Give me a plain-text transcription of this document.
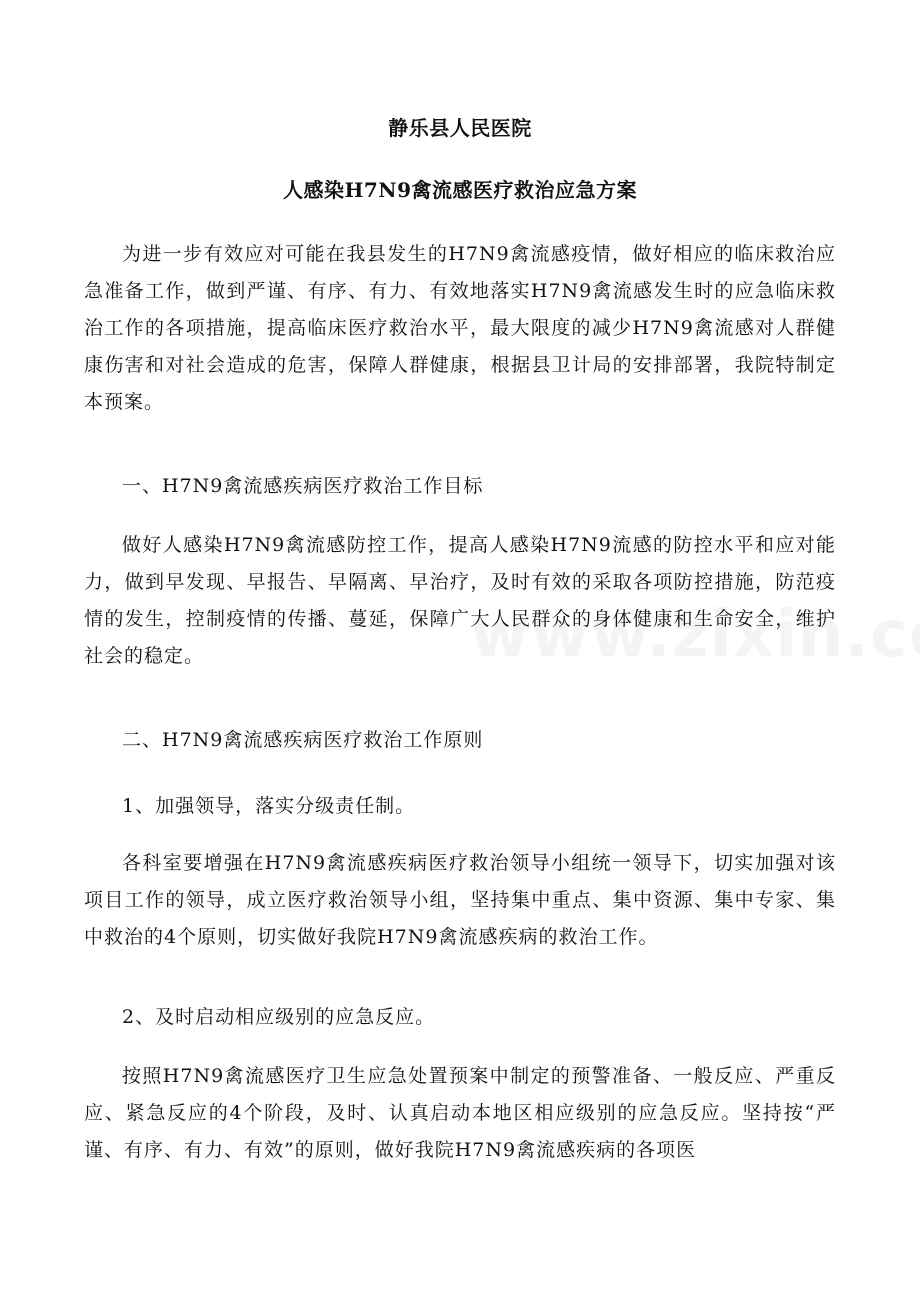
静乐县人民医院
人感染H7N9禽流感医疗救治应急方案

为进一步有效应对可能在我县发生的H7N9禽流感疫情，做好相应的临床救治应急准备工作，做到严谨、有序、有力、有效地落实H7N9禽流感发生时的应急临床救治工作的各项措施，提高临床医疗救治水平，最大限度的减少H7N9禽流感对人群健康伤害和对社会造成的危害，保障人群健康，根据县卫计局的安排部署，我院特制定本预案。

一、H7N9禽流感疾病医疗救治工作目标

做好人感染H7N9禽流感防控工作，提高人感染H7N9流感的防控水平和应对能力，做到早发现、早报告、早隔离、早治疗，及时有效的采取各项防控措施，防范疫情的发生，控制疫情的传播、蔓延，保障广大人民群众的身体健康和生命安全，维护社会的稳定。

二、H7N9禽流感疾病医疗救治工作原则

1、加强领导，落实分级责任制。

各科室要增强在H7N9禽流感疾病医疗救治领导小组统一领导下，切实加强对该项目工作的领导，成立医疗救治领导小组，坚持集中重点、集中资源、集中专家、集中救治的4个原则，切实做好我院H7N9禽流感疾病的救治工作。

2、及时启动相应级别的应急反应。

按照H7N9禽流感医疗卫生应急处置预案中制定的预警准备、一般反应、严重反应、紧急反应的4个阶段，及时、认真启动本地区相应级别的应急反应。坚持按“严谨、有序、有力、有效”的原则，做好我院H7N9禽流感疾病的各项医
